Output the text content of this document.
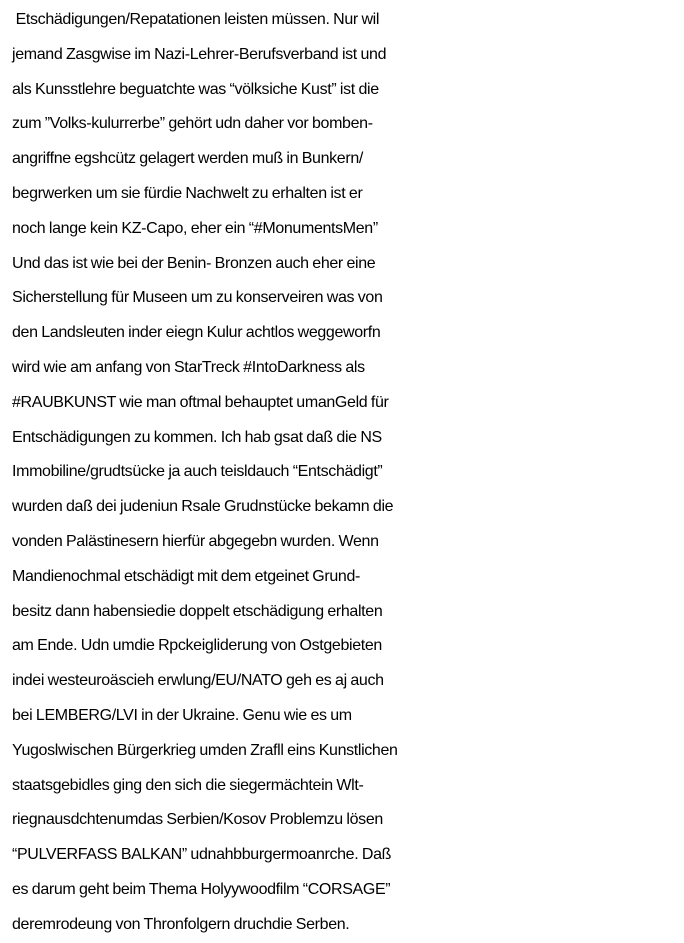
Etschädigungen/Repatationen leisten müssen. Nur wil
jemand Zasgwise im Nazi-Lehrer-Berufsverband ist und
als Kunsstlehre beguatchte was “völksiche Kust” ist die
zum ”Volks-kulurrerbe” gehört udn daher vor bomben-
angriffne egshcütz gelagert werden muß in Bunkern/
begrwerken um sie fürdie Nachwelt zu erhalten ist er
noch lange kein KZ-Capo, eher ein “#MonumentsMen”
Und das ist wie bei der Benin- Bronzen auch eher eine
Sicherstellung für Museen um zu konserveiren was von
den Landsleuten inder eiegn Kulur achtlos weggeworfn
wird wie am anfang von StarTreck #IntoDarkness als
#RAUBKUNST wie man oftmal behauptet umanGeld für
Entschädigungen zu kommen. Ich hab gsat daß die NS
Immobiline/grudtsücke ja auch teisldauch “Entschädigt”
wurden daß dei judeniun Rsale Grudnstücke bekamn die
vonden Palästinesern hierfür abgegebn wurden. Wenn
Mandienochmal etschädigt mit dem etgeinet Grund-
besitz dann habensiedie doppelt etschädigung erhalten
am Ende. Udn umdie Rpckeigliderung von Ostgebieten
indei westeuroäscieh erwlung/EU/NATO geh es aj auch
bei LEMBERG/LVI in der Ukraine. Genu wie es um
Yugoslwischen Bürgerkrieg umden Zrafll eins Kunstlichen
staatsgebidles ging den sich die siegermächtein Wlt-
riegnausdchtenumdas Serbien/Kosov Problemzu lösen
“PULVERFASS BALKAN” udnahbburgermoanrche. Daß
es darum geht beim Thema Holyywoodfilm “CORSAGE”
deremrodeung von Thronfolgern druchdie Serben.
